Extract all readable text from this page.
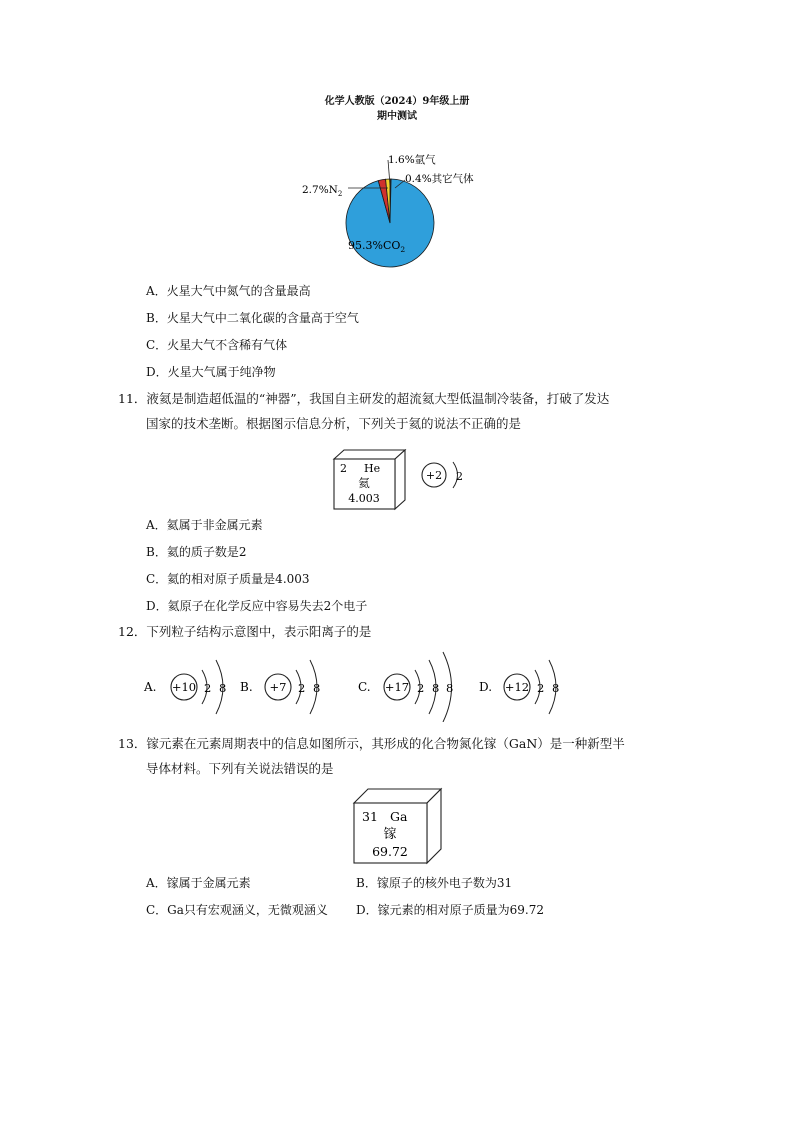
化学人教版（2024）9年级上册
期中测试
1.6%氩气
0.4%其它气体
$2.7\%N_2$
$95.3\%CO_2$
A．火星大气中氮气的含量最高
B．火星大气中二氧化碳的含量高于空气
C．火星大气不含稀有气体
D．火星大气属于纯净物
11．液氦是制造超低温的“神器”，我国自主研发的超流氦大型低温制冷装备，打破了发达
国家的技术垄断。根据图示信息分析，下列关于氦的说法不正确的是
2 He
氦
4.003
+2 2
A．氦属于非金属元素
B．氦的质子数是2
C．氦的相对原子质量是4.003
D．氦原子在化学反应中容易失去2个电子
12．下列粒子结构示意图中，表示阳离子的是
A. +10 2 8 B. +7 2 8	C. +17 2 8 8 D. +12 2 8
13．镓元素在元素周期表中的信息如图所示，其形成的化合物氮化镓（GaN）是一种新型半
导体材料。下列有关说法错误的是
31 Ga
镓
69.72
A．镓属于金属元素	B．镓原子的核外电子数为31
C．Ga只有宏观涵义，无微观涵义 D．镓元素的相对原子质量为69.72
